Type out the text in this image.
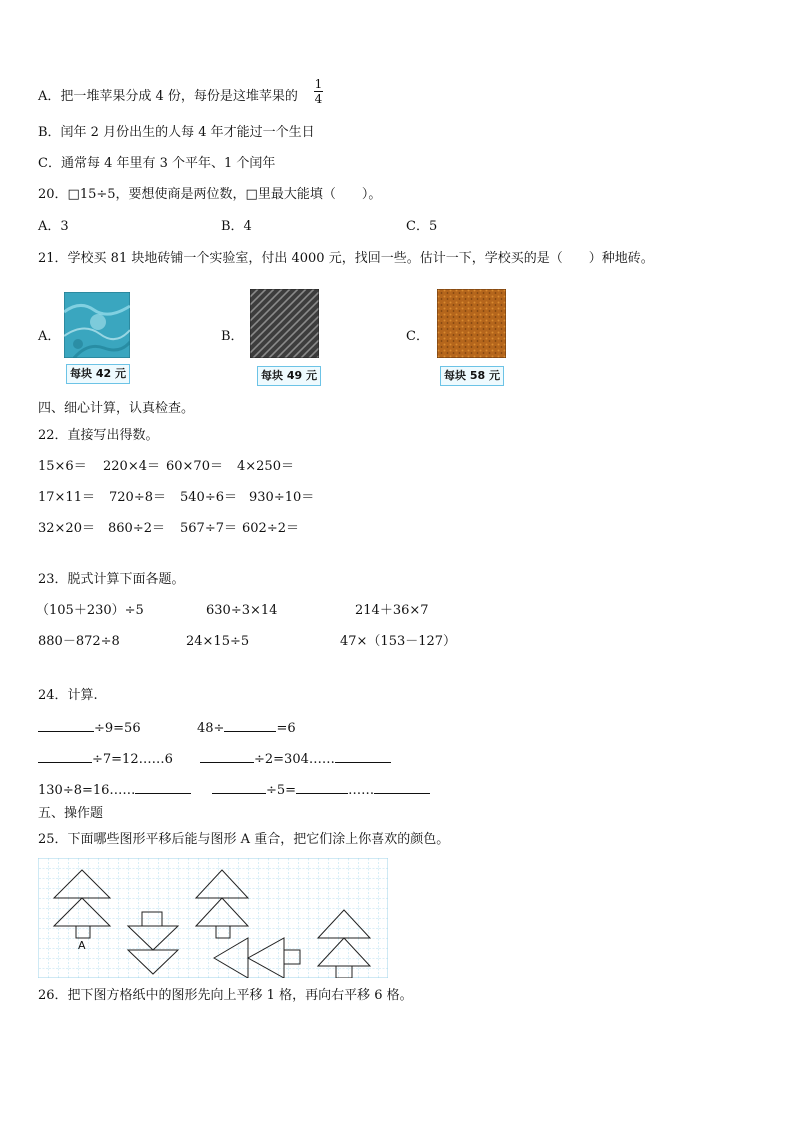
A．把一堆苹果分成 4 份，每份是这堆苹果的
1
4
B．闰年 2 月份出生的人每 4 年才能过一个生日
C．通常每 4 年里有 3 个平年、1 个闰年
20．□15÷5，要想使商是两位数，□里最大能填（　　）。
A．3	B．4	C．5
21．学校买 81 块地砖铺一个实验室，付出 4000 元，找回一些。估计一下，学校买的是（　　）种地砖。
A．
每块 42 元
B．
每块 49 元
C．
每块 58 元
四、细心计算，认真检查。
22．直接写出得数。
15×6＝ 220×4＝ 60×70＝ 4×250＝
17×11＝ 720÷8＝ 540÷6＝ 930÷10＝
32×20＝ 860÷2＝ 567÷7＝ 602÷2＝
23．脱式计算下面各题。
（105＋230）÷5	630÷3×14	214＋36×7
880－872÷8	24×15÷5	47×（153－127）
24．计算.
÷9=56	48÷	=6
÷7=12……6	÷2=304……
130÷8=16……	÷5=	……
五、操作题
25．下面哪些图形平移后能与图形 A 重合，把它们涂上你喜欢的颜色。
A
26．把下图方格纸中的图形先向上平移 1 格，再向右平移 6 格。
